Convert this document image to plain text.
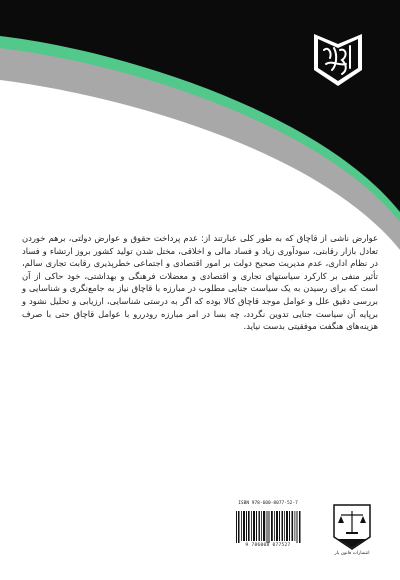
عوارض ناشی از قاچاق که به طور کلی عبارتند از: عدم پرداخت حقوق و عوارض دولتی، برهم خوردن تعادل بازار رقابتی، سودآوری زیاد و فساد مالی و اخلاقی، مختل شدن تولید کشور بروز ارتشاء و فساد در نظام اداری، عدم مدیریت صحیح دولت بر امور اقتصادی و اجتماعی خطرپذیری رقابت تجاری سالم، تأثیر منفی بر کارکرد سیاستهای تجاری و اقتصادی و معضلات فرهنگی و بهداشتی، خود حاکی از آن است که برای رسیدن به یک سیاست جنایی مطلوب در مبارزه با قاچاق نیاز به جامع‌نگری و شناسایی و بررسی دقیق علل و عوامل موجد قاچاق کالا بوده که اگر به درستی شناسایی، ارزیابی و تحلیل نشود و برپایه آن سیاست جنایی تدوین نگردد، چه بسا در امر مبارزه رودررو با عوامل قاچاق حتی با صرف هزینه‌های هنگفت موفقیتی بدست نیاید.

ISBN 978-600-8077-52-7
9 786008 077527
انتشارات قانون یار
